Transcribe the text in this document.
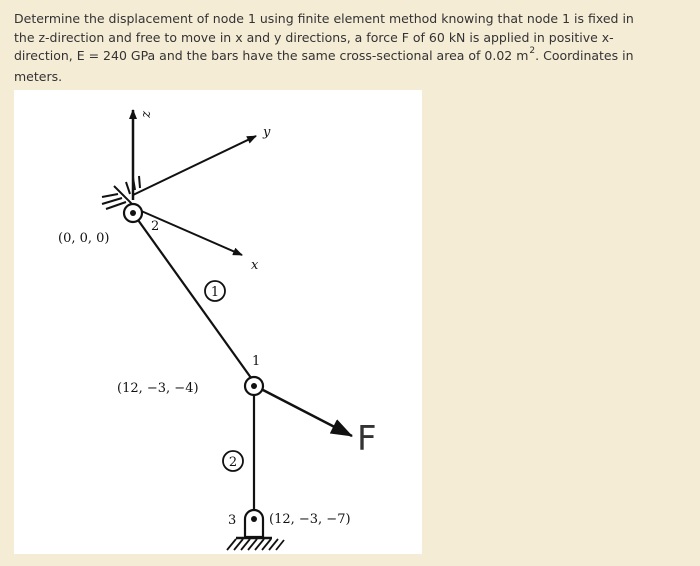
Determine the displacement of node 1 using finite element method knowing that node 1 is fixed in

the z-direction and free to move in x and y directions, a force F of 60 kN is applied in positive x-

direction, E = 240 GPa and the bars have the same cross-sectional area of 0.02 $m^2$. Coordinates in

meters.

z
y
x
2
(0, 0, 0)
1
1
(12, −3, −4)
F
2
3	(12, −3, −7)
